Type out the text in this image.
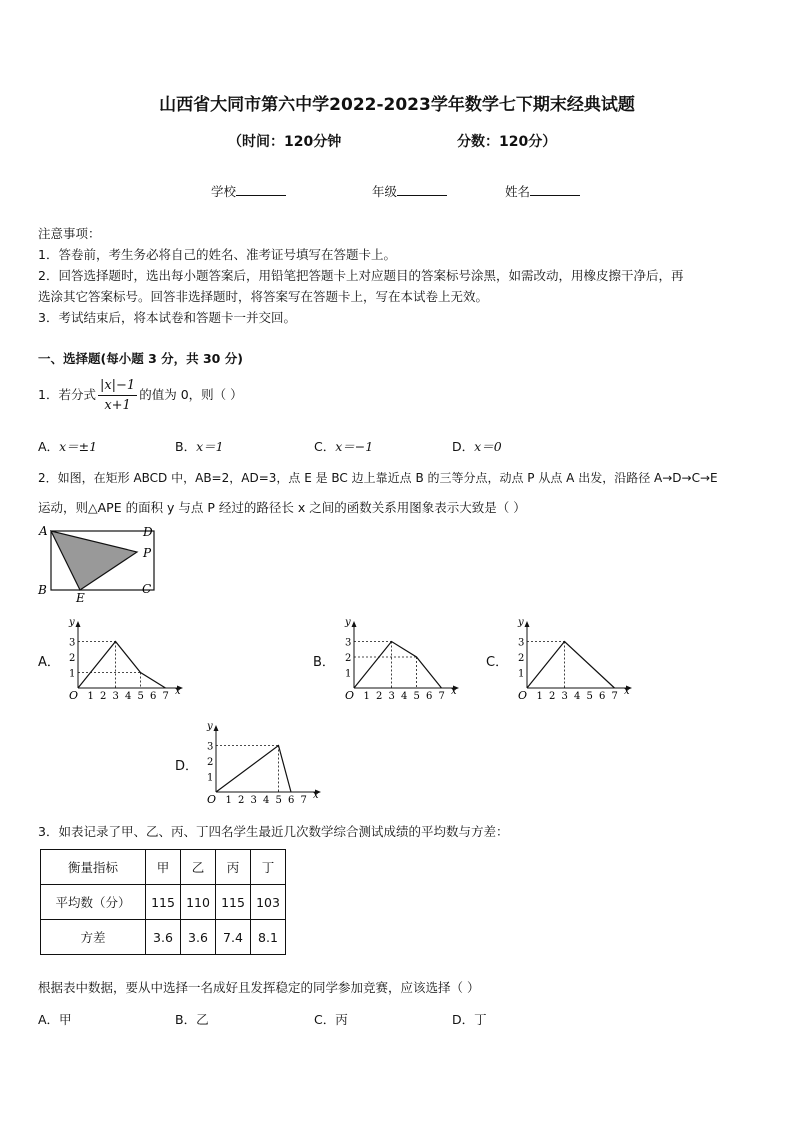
山西省大同市第六中学2022-2023学年数学七下期末经典试题
（时间：120分钟	分数：120分）
学校	年级	姓名
注意事项：
1．答卷前，考生务必将自己的姓名、准考证号填写在答题卡上。
2．回答选择题时，选出每小题答案后，用铅笔把答题卡上对应题目的答案标号涂黑，如需改动，用橡皮擦干净后，再
选涂其它答案标号。回答非选择题时，将答案写在答题卡上，写在本试卷上无效。
3．考试结束后，将本试卷和答题卡一并交回。
一、选择题(每小题 3 分，共 30 分)
1．若分式 $\frac{|x|-1}{x+1}$ 的值为 0，则（ ）
A．x＝±1	B．x＝1	C．x＝−1	D．x＝0
2．如图，在矩形 ABCD 中，AB=2，AD=3，点 E 是 BC 边上靠近点 B 的三等分点，动点 P 从点 A 出发，沿路径 A→D→C→E
运动，则△APE 的面积 y 与点 P 经过的路径长 x 之间的函数关系用图象表示大致是（ ）
A	D
P
B
E
C
A．	B．	C．
D．
1 2 3 4 5 6 7
1
2
3
O
y
x	1 2 3 4 5 6 7
1
2
3
O
y
x	1 2 3 4 5 6 7
1
2
3
O
y
x
1 2 3 4 5 6 7
1
2
3
O
y
x
3．如表记录了甲、乙、丙、丁四名学生最近几次数学综合测试成绩的平均数与方差：
衡量指标	甲	乙	丙	丁
平均数（分）	115	110	115	103
方差	3.6	3.6	7.4	8.1
根据表中数据，要从中选择一名成好且发挥稳定的同学参加竞赛，应该选择（ ）
A．甲	B．乙	C．丙	D．丁
